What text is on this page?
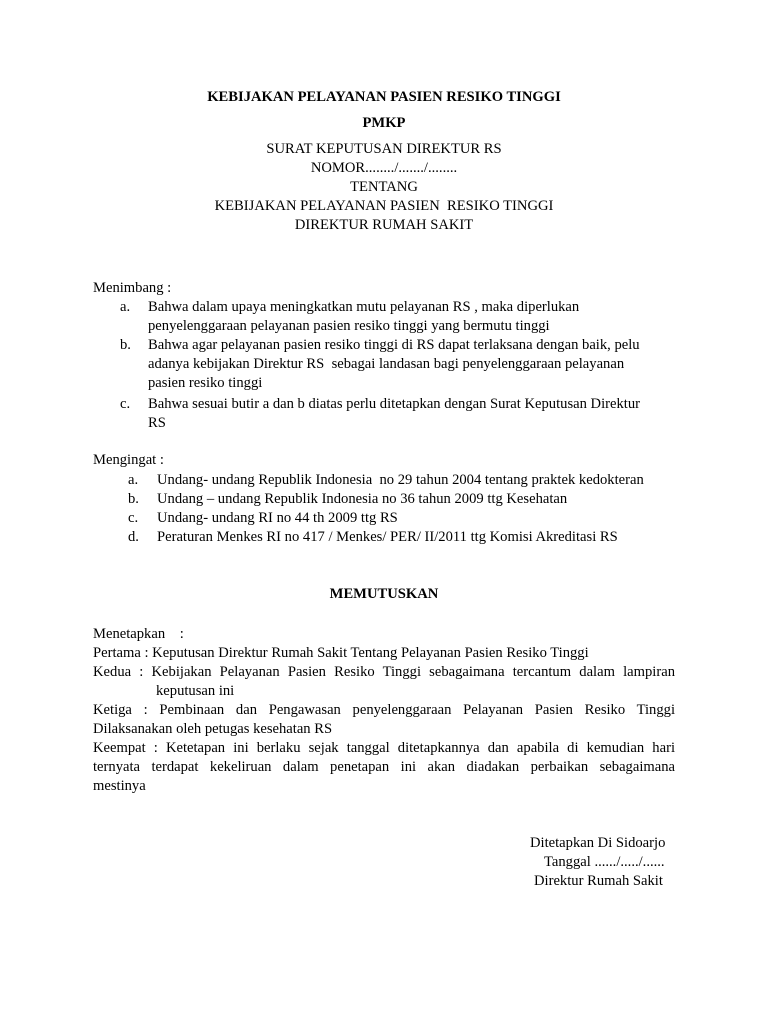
KEBIJAKAN PELAYANAN PASIEN RESIKO TINGGI
PMKP
SURAT KEPUTUSAN DIREKTUR RS
NOMOR......../......./........
TENTANG
KEBIJAKAN PELAYANAN PASIEN  RESIKO TINGGI
DIREKTUR RUMAH SAKIT
Menimbang :
a. Bahwa dalam upaya meningkatkan mutu pelayanan RS , maka diperlukan
penyelenggaraan pelayanan pasien resiko tinggi yang bermutu tinggi
b. Bahwa agar pelayanan pasien resiko tinggi di RS dapat terlaksana dengan baik, pelu
adanya kebijakan Direktur RS  sebagai landasan bagi penyelenggaraan pelayanan
pasien resiko tinggi
c. Bahwa sesuai butir a dan b diatas perlu ditetapkan dengan Surat Keputusan Direktur
RS
Mengingat :
a. Undang- undang Republik Indonesia  no 29 tahun 2004 tentang praktek kedokteran
b. Undang – undang Republik Indonesia no 36 tahun 2009 ttg Kesehatan
c. Undang- undang RI no 44 th 2009 ttg RS
d. Peraturan Menkes RI no 417 / Menkes/ PER/ II/2011 ttg Komisi Akreditasi RS
MEMUTUSKAN
Menetapkan    :
Pertama : Keputusan Direktur Rumah Sakit Tentang Pelayanan Pasien Resiko Tinggi
Kedua : Kebijakan Pelayanan Pasien Resiko Tinggi sebagaimana tercantum dalam lampiran
keputusan ini
Ketiga : Pembinaan dan Pengawasan penyelenggaraan Pelayanan Pasien Resiko Tinggi
Dilaksanakan oleh petugas kesehatan RS
Keempat : Ketetapan ini berlaku sejak tanggal ditetapkannya dan apabila di kemudian hari
ternyata terdapat kekeliruan dalam penetapan ini akan diadakan perbaikan sebagaimana
mestinya
Ditetapkan Di Sidoarjo
Tanggal ....../...../......
Direktur Rumah Sakit
